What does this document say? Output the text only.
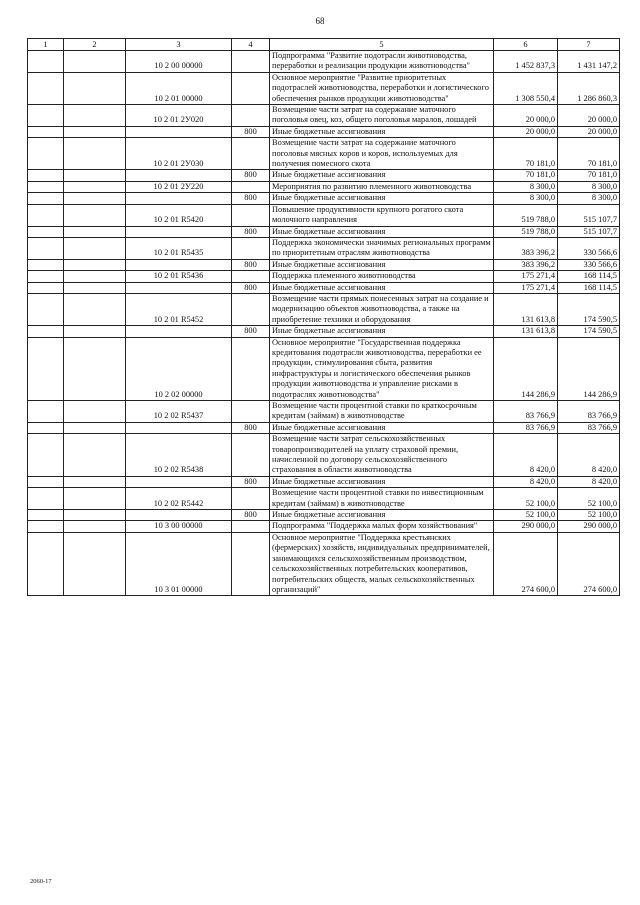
68
1	2	3	4	5	6	7
		10 2 00 00000		Подпрограмма "Развитие подотрасли животноводства, переработки и реализации продукции животноводства"	1 452 837,3	1 431 147,2
		10 2 01 00000		Основное мероприятие "Развитие приоритетных подотраслей животноводства, переработки и логистического обеспечения рынков продукции животноводства"	1 308 550,4	1 286 860,3
		10 2 01 2У020		Возмещение части затрат на содержание маточного поголовья овец, коз, общего поголовья маралов, лошадей	20 000,0	20 000,0
			800	Иные бюджетные ассигнования	20 000,0	20 000,0
		10 2 01 2У030		Возмещение части затрат на содержание маточного поголовья мясных коров и коров, используемых для получения помесного скота	70 181,0	70 181,0
			800	Иные бюджетные ассигнования	70 181,0	70 181,0
		10 2 01 2У220		Мероприятия по развитию племенного животноводства	8 300,0	8 300,0
			800	Иные бюджетные ассигнования	8 300,0	8 300,0
		10 2 01 R5420		Повышение продуктивности крупного рогатого скота молочного направления	519 788,0	515 107,7
			800	Иные бюджетные ассигнования	519 788,0	515 107,7
		10 2 01 R5435		Поддержка экономически значимых региональных программ по приоритетным отраслям животноводства	383 396,2	330 566,6
			800	Иные бюджетные ассигнования	383 396,2	330 566,6
		10 2 01 R5436		Поддержка племенного животноводства	175 271,4	168 114,5
			800	Иные бюджетные ассигнования	175 271,4	168 114,5
		10 2 01 R5452		Возмещение части прямых понесенных затрат на создание и модернизацию объектов животноводства, а также на приобретение техники и оборудования	131 613,8	174 590,5
			800	Иные бюджетные ассигнования	131 613,8	174 590,5
		10 2 02 00000		Основное мероприятие "Государственная поддержка кредитования подотрасли животноводства, переработки ее продукции, стимулирования сбыта, развития инфраструктуры и логистического обеспечения рынков продукции животноводства и управление рисками в подотраслях животноводства"	144 286,9	144 286,9
		10 2 02 R5437		Возмещение части процентной ставки по краткосрочным кредитам (займам) в животноводстве	83 766,9	83 766,9
			800	Иные бюджетные ассигнования	83 766,9	83 766,9
		10 2 02 R5438		Возмещение части затрат сельскохозяйственных товаропроизводителей на уплату страховой премии, начисленной по договору сельскохозяйственного страхования в области животноводства	8 420,0	8 420,0
			800	Иные бюджетные ассигнования	8 420,0	8 420,0
		10 2 02 R5442		Возмещение части процентной ставки по инвестиционным кредитам (займам) в животноводстве	52 100,0	52 100,0
			800	Иные бюджетные ассигнования	52 100,0	52 100,0
		10 3 00 00000		Подпрограмма "Поддержка малых форм хозяйствования"	290 000,0	290 000,0
		10 3 01 00000		Основное мероприятие "Поддержка крестьянских (фермерских) хозяйств, индивидуальных предпринимателей, занимающихся сельскохозяйственным производством, сельскохозяйственных потребительских кооперативов, потребительских обществ, малых сельскохозяйственных организаций"	274 600,0	274 600,0
2060-17
